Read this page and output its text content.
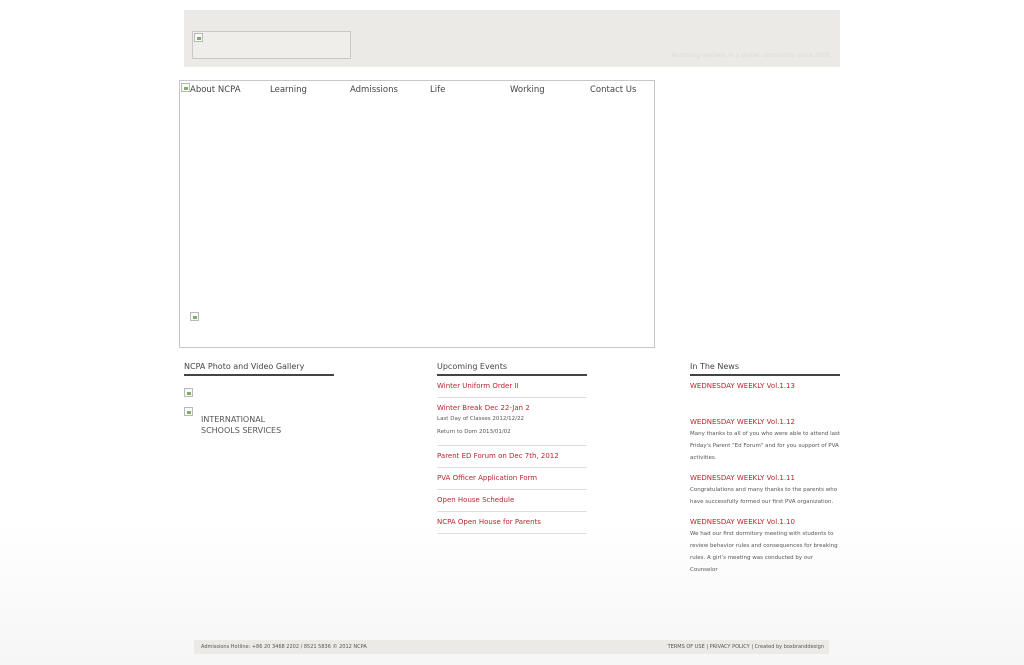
Nurturing learners in a global community since 2008
About NCPA	Learning	Admissions	Life	Working	Contact Us
NCPA Photo and Video Gallery
INTERNATIONAL
SCHOOLS SERVICES
Upcoming Events
Winter Uniform Order II
Winter Break Dec 22-Jan 2
Last Day of Classes 2012/12/22
Return to Dom 2013/01/02
Parent ED Forum on Dec 7th, 2012
PVA Officer Application Form
Open House Schedule
NCPA Open House for Parents
In The News
WEDNESDAY WEEKLY Vol.1.13
WEDNESDAY WEEKLY Vol.1.12
Many thanks to all of you who were able to attend last Friday's Parent "Ed Forum" and for you support of PVA activities.
WEDNESDAY WEEKLY Vol.1.11
Congratulations and many thanks to the parents who have successfully formed our first PVA organization.
WEDNESDAY WEEKLY Vol.1.10
We had our first dormitory meeting with students to review behavior rules and consequences for breaking rules. A girl’s meeting was conducted by our Counselor
Admissions Hotline: +86 20 3468 2202 / 8521 5836 © 2012 NCPA	TERMS OF USE | PRIVACY POLICY | Created by boxbranddesign
